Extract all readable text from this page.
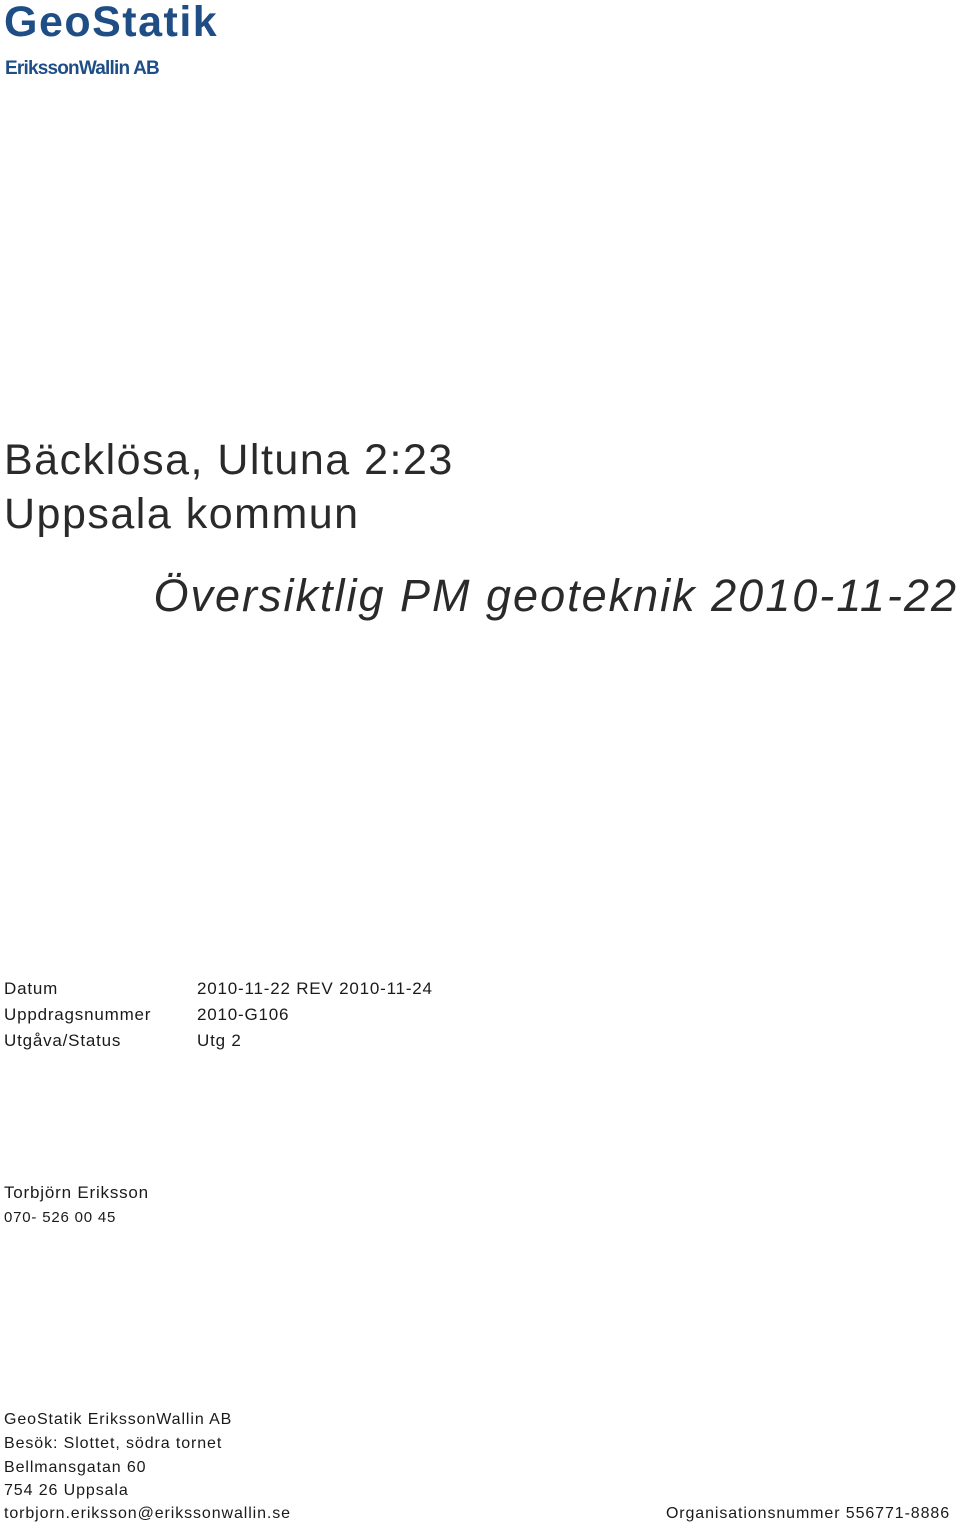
GeoStatik
ErikssonWallin AB
Bäcklösa, Ultuna 2:23
Uppsala kommun
Översiktlig PM geoteknik 2010-11-22
Datum	2010-11-22 REV 2010-11-24
Uppdragsnummer	2010-G106
Utgåva/Status	Utg 2
Torbjörn Eriksson
070- 526 00 45
GeoStatik ErikssonWallin AB
Besök: Slottet, södra tornet
Bellmansgatan 60
754 26 Uppsala
torbjorn.eriksson@erikssonwallin.se	Organisationsnummer 556771-8886
